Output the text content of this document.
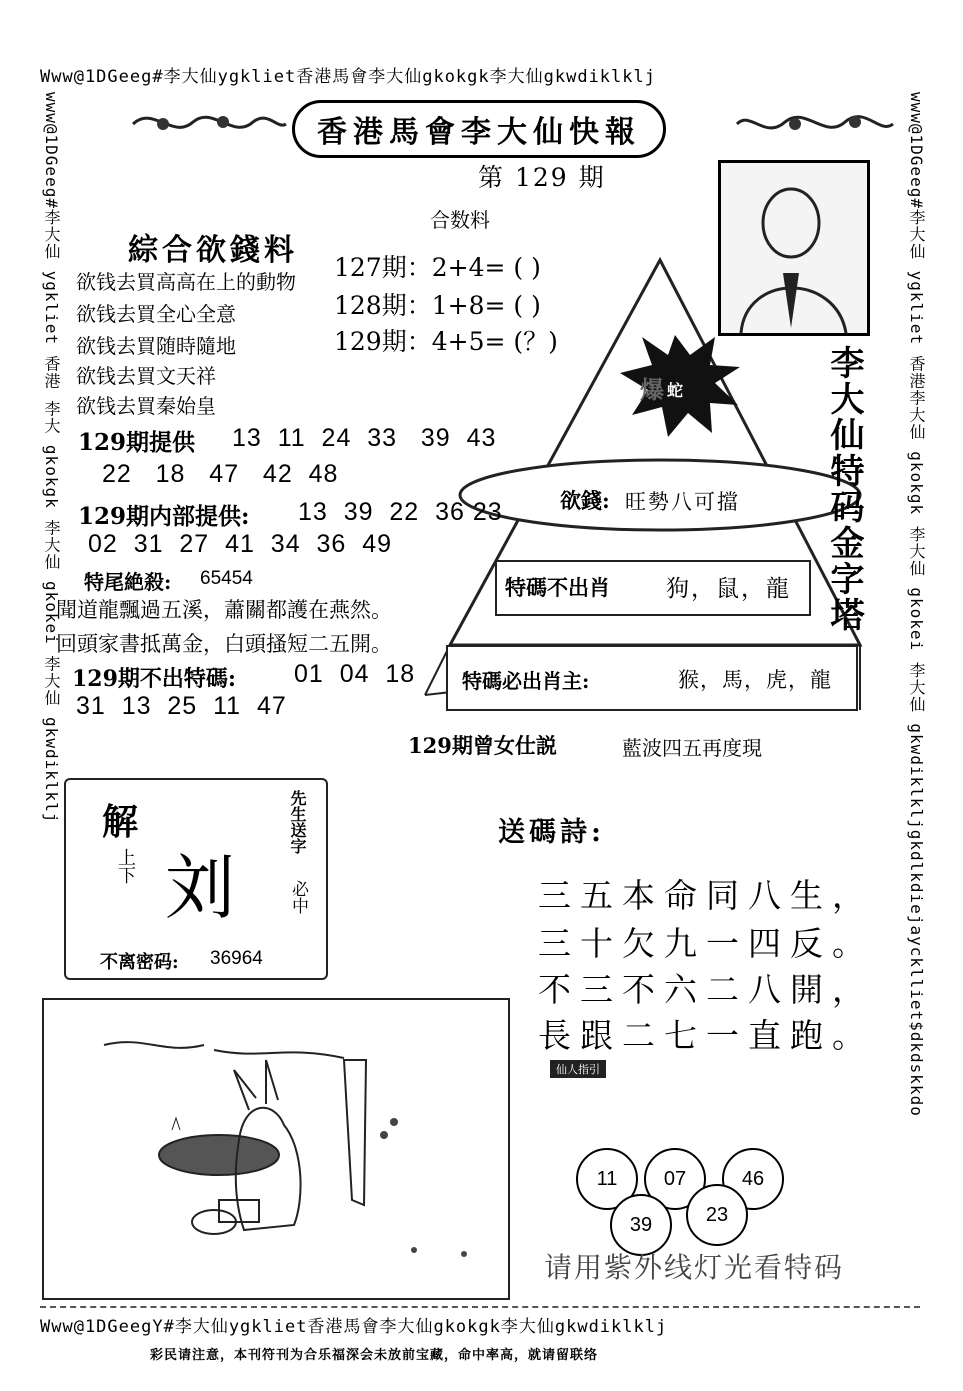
Www@1DGeeg#李大仙ygkliet香港馬會李大仙gkokgk李大仙gkwdiklklj
www@1DGeeg#李大仙 ygkliet 香港 李大 gkokgk 李大仙 gkokei 李大仙 gkwdiklklj	www@1DGeeg#李大仙 ygkliet 香港李大仙 gkokgk 李大仙 gkokei 李大仙 gkwdiklkljgkdlkdiejaycklliet$dkdskkdo
Www@1DGeegY#李大仙ygkliet香港馬會李大仙gkokgk李大仙gkwdiklklj
香港馬會李大仙快報
第 129 期
合数料
127期：2+4= ( )
128期：1+8= ( )
129期：4+5= (？)
綜合欲錢料
欲钱去買高高在上的動物
欲钱去買全心全意
欲钱去買随時隨地
欲钱去買文天祥
欲钱去買秦始皇
蛇
爆
欲錢: 旺勢八可擋
特碼不出肖 狗，鼠，龍
特碼必出肖主:	猴，馬，虎，龍
李大仙特码金字塔
129期提供 13  11  24  33   39  43
22   18   47   42  48
129期内部提供: 13  39  22  36 23
02  31  27  41  34  36  49
特尾絶殺: 65454
聞道龍飄過五溪，蕭關都護在燕然。
回頭家書抵萬金，白頭搔短二五開。
129期不出特碼: 01  04  18
31  13  25  11  47
129期曾女仕説	藍波四五再度現
解
上下 刘
先生送字
必中
不离密码: 36964
送碼詩:
三五本命同八生，
三十欠九一四反。
不三不六二八開，
長跟二七一直跑。
仙人指引
11	07	46
39	23
请用紫外线灯光看特码
彩民请注意，本刊符刊为合乐福深会未放前宝藏，命中率高，就请留联络
